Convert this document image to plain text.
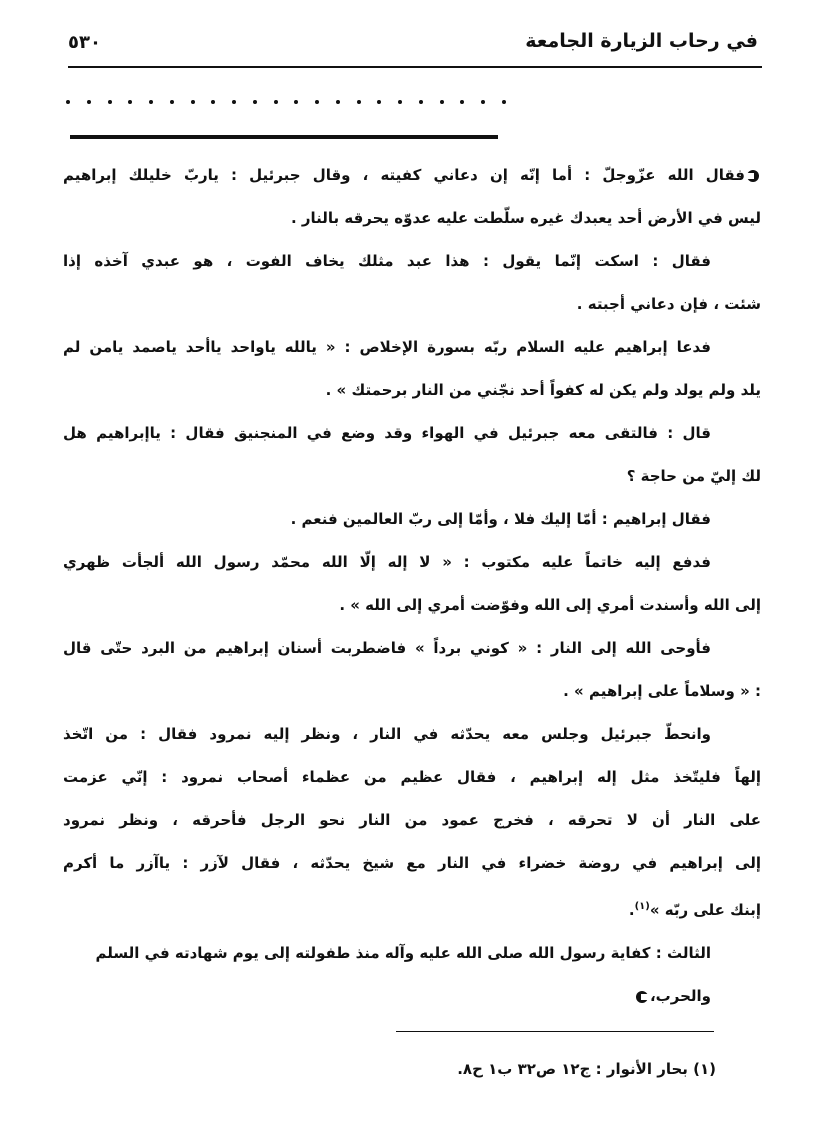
في رحاب الزيارة الجامعة
٥٣٠
فقال الله عزّوجلّ : أما إنّه إن دعاني كفيته ، وقال جبرئيل : ياربّ خليلك إبراهيم
ليس في الأرض أحد يعبدك غيره سلّطت عليه عدوّه يحرقه بالنار .
فقال : اسكت إنّما يقول : هذا عبد مثلك يخاف الفوت ، هو عبدي آخذه إذا
شئت ، فإن دعاني أجبته .
فدعا إبراهيم عليه السلام ربّه بسورة الإخلاص : « يالله ياواحد ياأحد ياصمد يامن لم
يلد ولم يولد ولم يكن له كفواً أحد نجّني من النار برحمتك » .
قال : فالتقى معه جبرئيل في الهواء وقد وضع في المنجنيق فقال : ياإبراهيم هل
لك إليّ من حاجة ؟
فقال إبراهيم : أمّا إليك فلا ، وأمّا إلى ربّ العالمين فنعم .
فدفع إليه خاتماً عليه مكتوب : « لا إله إلّا الله محمّد رسول الله ألجأت ظهري
إلى الله وأسندت أمري إلى الله وفوّضت أمري إلى الله » .
فأوحى الله إلى النار : « كوني برداً » فاضطربت أسنان إبراهيم من البرد حتّى قال
: « وسلاماً على إبراهيم » .
وانحطّ جبرئيل وجلس معه يحدّثه في النار ، ونظر إليه نمرود فقال : من اتّخذ
إلهاً فليتّخذ مثل إله إبراهيم ، فقال عظيم من عظماء أصحاب نمرود : إنّي عزمت
على النار أن لا تحرقه ، فخرج عمود من النار نحو الرجل فأحرقه ، ونظر نمرود
إلى إبراهيم في روضة خضراء في النار مع شيخ يحدّثه ، فقال لآزر : ياآزر ما أكرم
إبنك على ربّه »$^{(١)}$.
الثالث : كفاية رسول الله صلى الله عليه وآله منذ طفولته إلى يوم شهادته في السلم والحرب،
(١) بحار الأنوار : ج١٢ ص٣٢ ب١ ح٨.
